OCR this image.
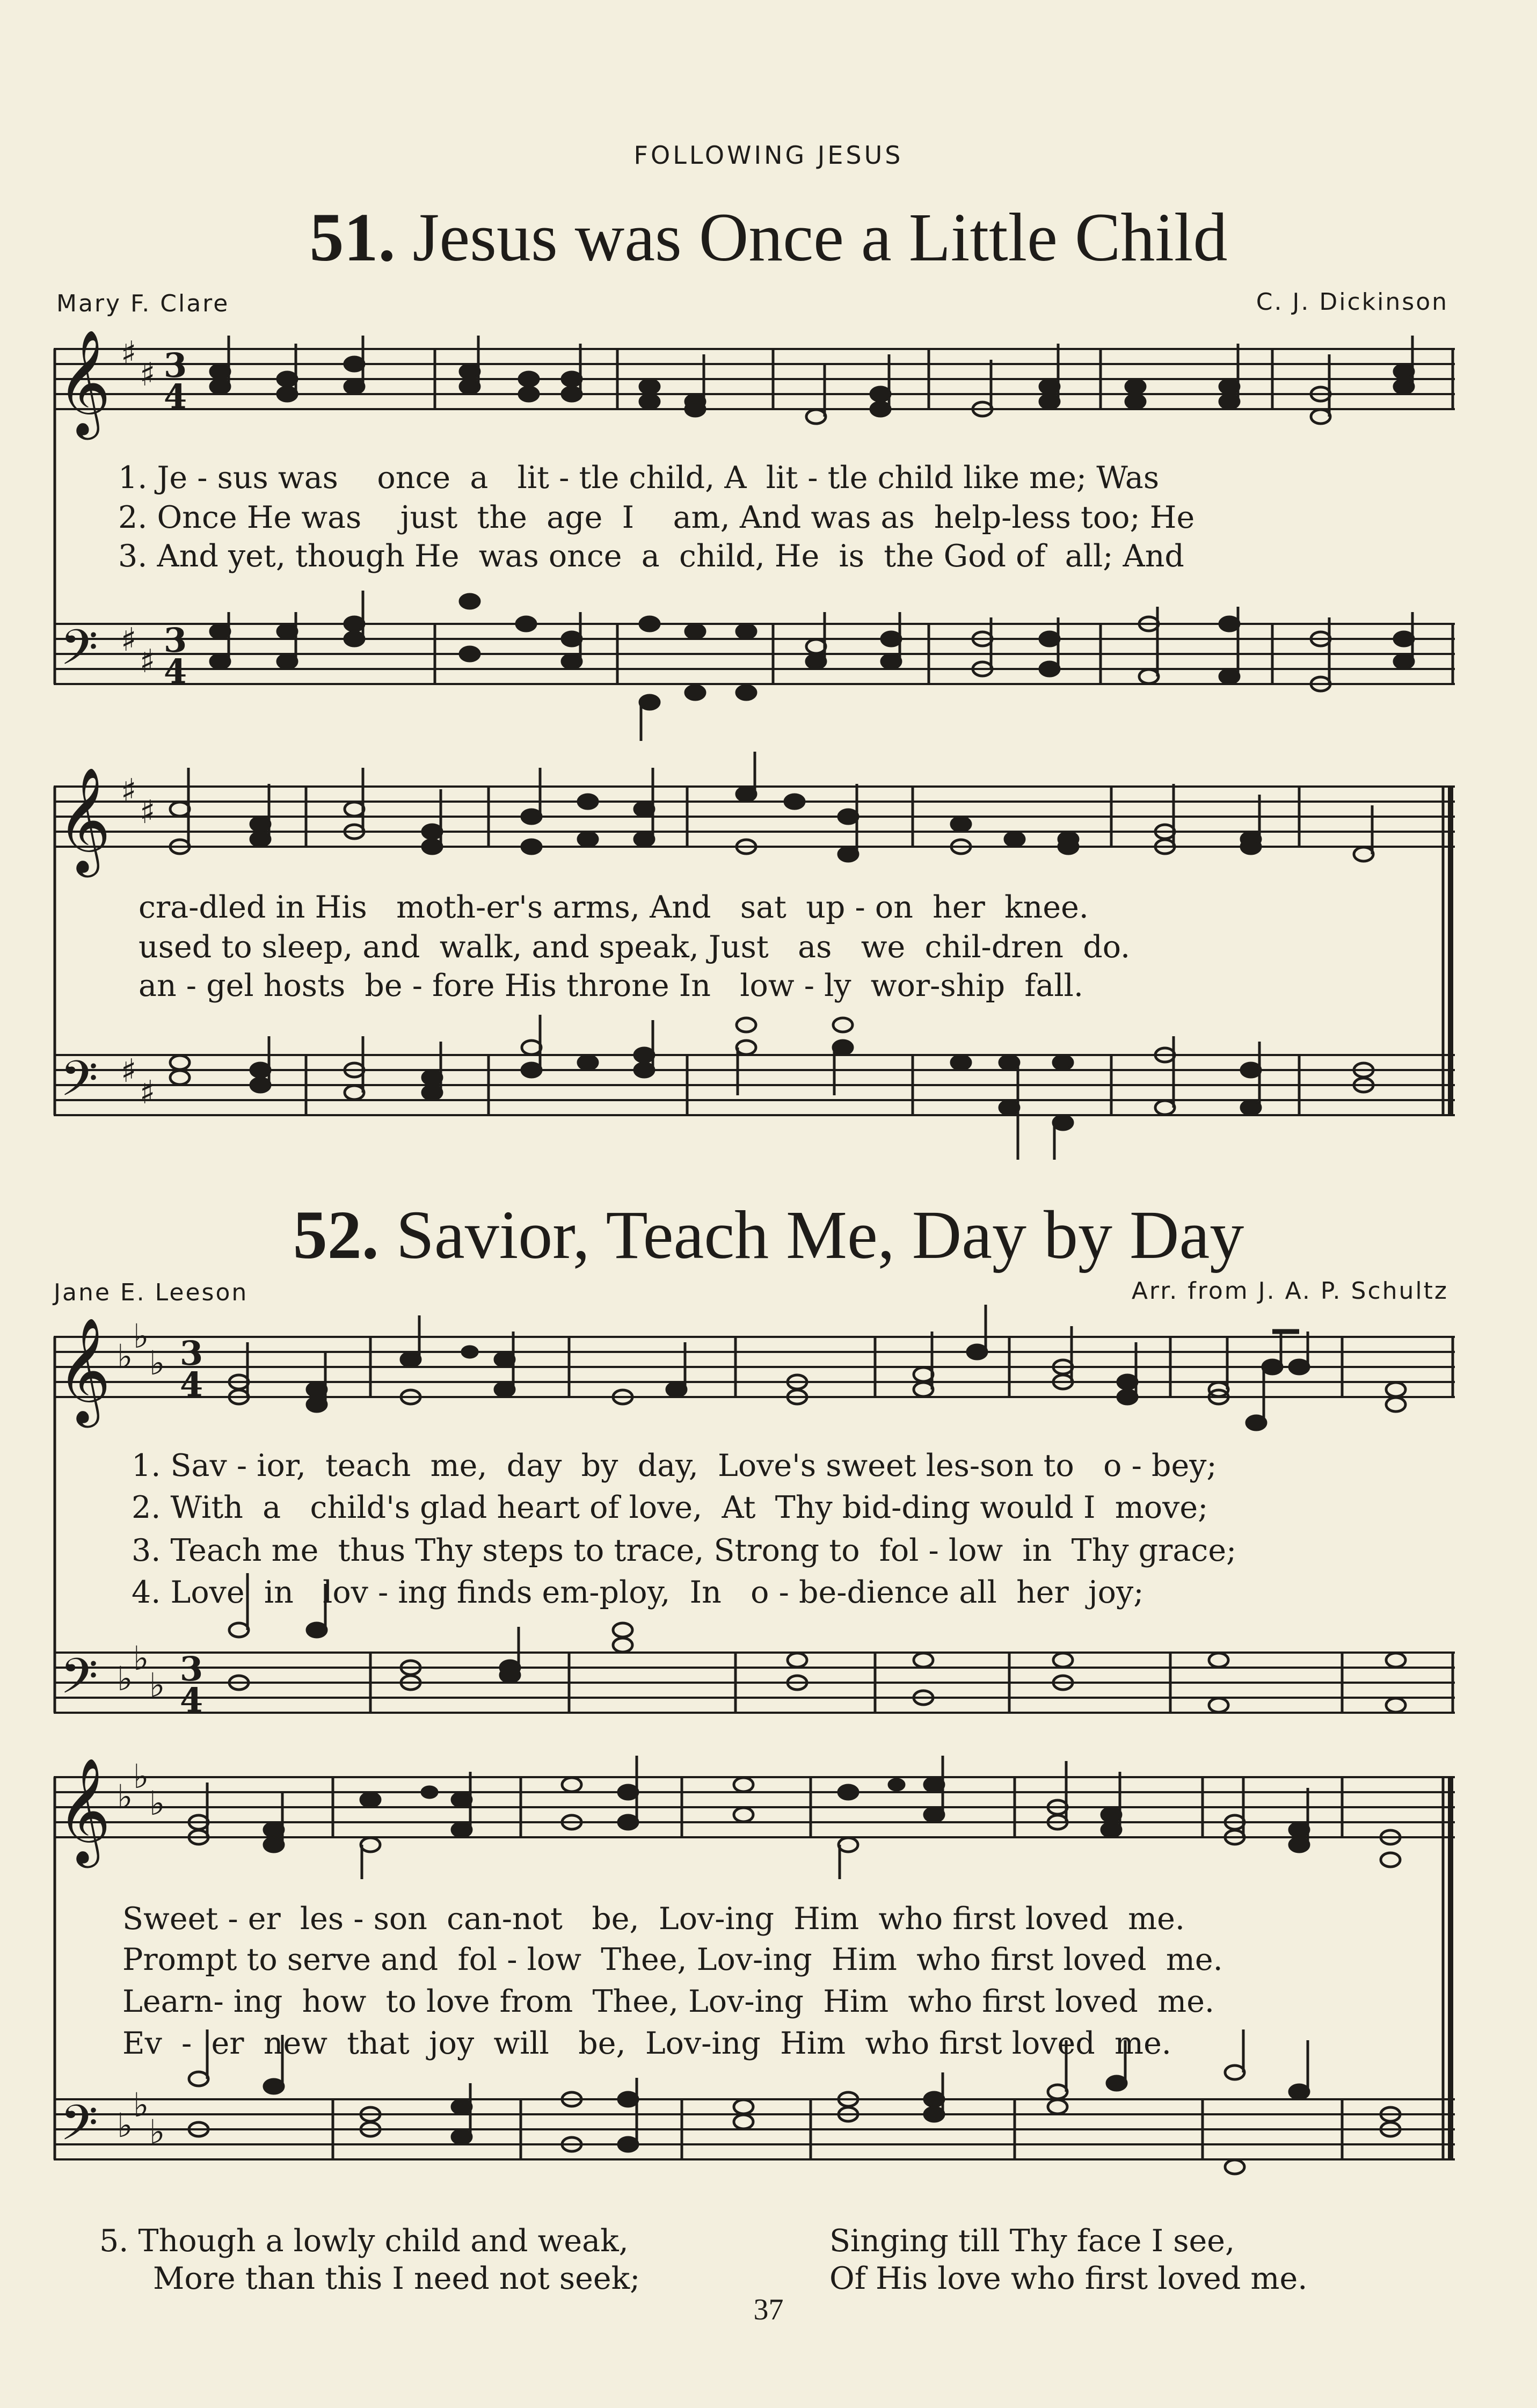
FOLLOWING JESUS
51. Jesus was Once a Little Child
Mary F. Clare	C. J. Dickinson
𝄞
𝄢
♯
♯
♯
♯
3
4
3
4
1. Je - sus was    once  a   lit - tle child, A  lit - tle child like me; Was
2. Once He was    just  the  age  I    am, And was as  help-less too; He
3. And yet, though He  was once  a  child, He  is  the God of  all; And
𝄞
𝄢
♯
♯
♯
♯
cra-dled in His   moth-er's arms, And   sat  up - on  her  knee.
used to sleep, and  walk, and speak, Just   as   we  chil-dren  do.
an - gel hosts  be - fore His throne In   low - ly  wor-ship  fall.
52. Savior, Teach Me, Day by Day
Jane E. Leeson	Arr. from J. A. P. Schultz
𝄞
𝄢
♭
♭
♭
♭
♭
♭
3
4
3
4
1. Sav - ior,  teach  me,  day  by  day,  Love's sweet les-son to   o - bey;
2. With  a   child's glad heart of love,  At  Thy bid-ding would I  move;
3. Teach me  thus Thy steps to trace, Strong to  fol - low  in  Thy grace;
4. Love  in   lov - ing finds em-ploy,  In   o - be-dience all  her  joy;
𝄞
𝄢
♭
♭
♭
♭
♭
♭
Sweet - er  les - son  can-not   be,  Lov-ing  Him  who first loved  me.
Prompt to serve and  fol - low  Thee, Lov-ing  Him  who first loved  me.
Learn- ing  how  to love from  Thee, Lov-ing  Him  who first loved  me.
Ev  -  er  new  that  joy  will   be,  Lov-ing  Him  who first loved  me.
5. Though a lowly child and weak,
More than this I need not seek;
Singing till Thy face I see,
Of His love who first loved me.
37
